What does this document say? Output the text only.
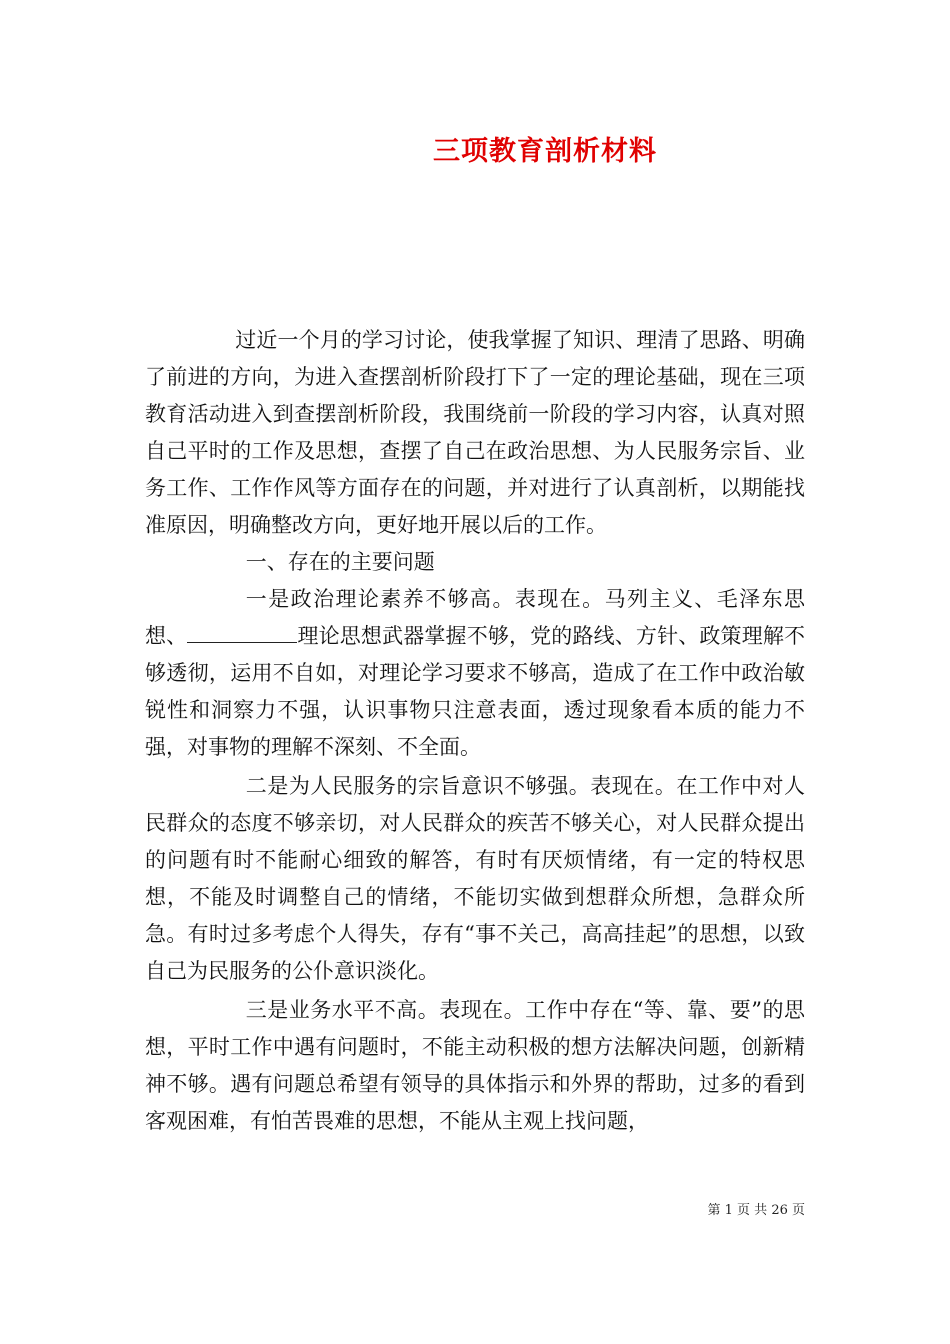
三项教育剖析材料

过近一个月的学习讨论，使我掌握了知识、理清了思路、明确了前进的方向，为进入查摆剖析阶段打下了一定的理论基础，现在三项教育活动进入到查摆剖析阶段，我围绕前一阶段的学习内容，认真对照自己平时的工作及思想，查摆了自己在政治思想、为人民服务宗旨、业务工作、工作作风等方面存在的问题，并对进行了认真剖析，以期能找准原因，明确整改方向，更好地开展以后的工作。

一、存在的主要问题

一是政治理论素养不够高。表现在。马列主义、毛泽东思想、	理论思想武器掌握不够，党的路线、方针、政策理解不够透彻，运用不自如，对理论学习要求不够高，造成了在工作中政治敏锐性和洞察力不强，认识事物只注意表面，透过现象看本质的能力不强，对事物的理解不深刻、不全面。

二是为人民服务的宗旨意识不够强。表现在。在工作中对人民群众的态度不够亲切，对人民群众的疾苦不够关心，对人民群众提出的问题有时不能耐心细致的解答，有时有厌烦情绪，有一定的特权思想，不能及时调整自己的情绪，不能切实做到想群众所想，急群众所急。有时过多考虑个人得失，存有“事不关己，高高挂起”的思想，以致自己为民服务的公仆意识淡化。

三是业务水平不高。表现在。工作中存在“等、靠、要”的思想，平时工作中遇有问题时，不能主动积极的想方法解决问题，创新精神不够。遇有问题总希望有领导的具体指示和外界的帮助，过多的看到客观困难，有怕苦畏难的思想，不能从主观上找问题，

第 1 页 共 26 页
